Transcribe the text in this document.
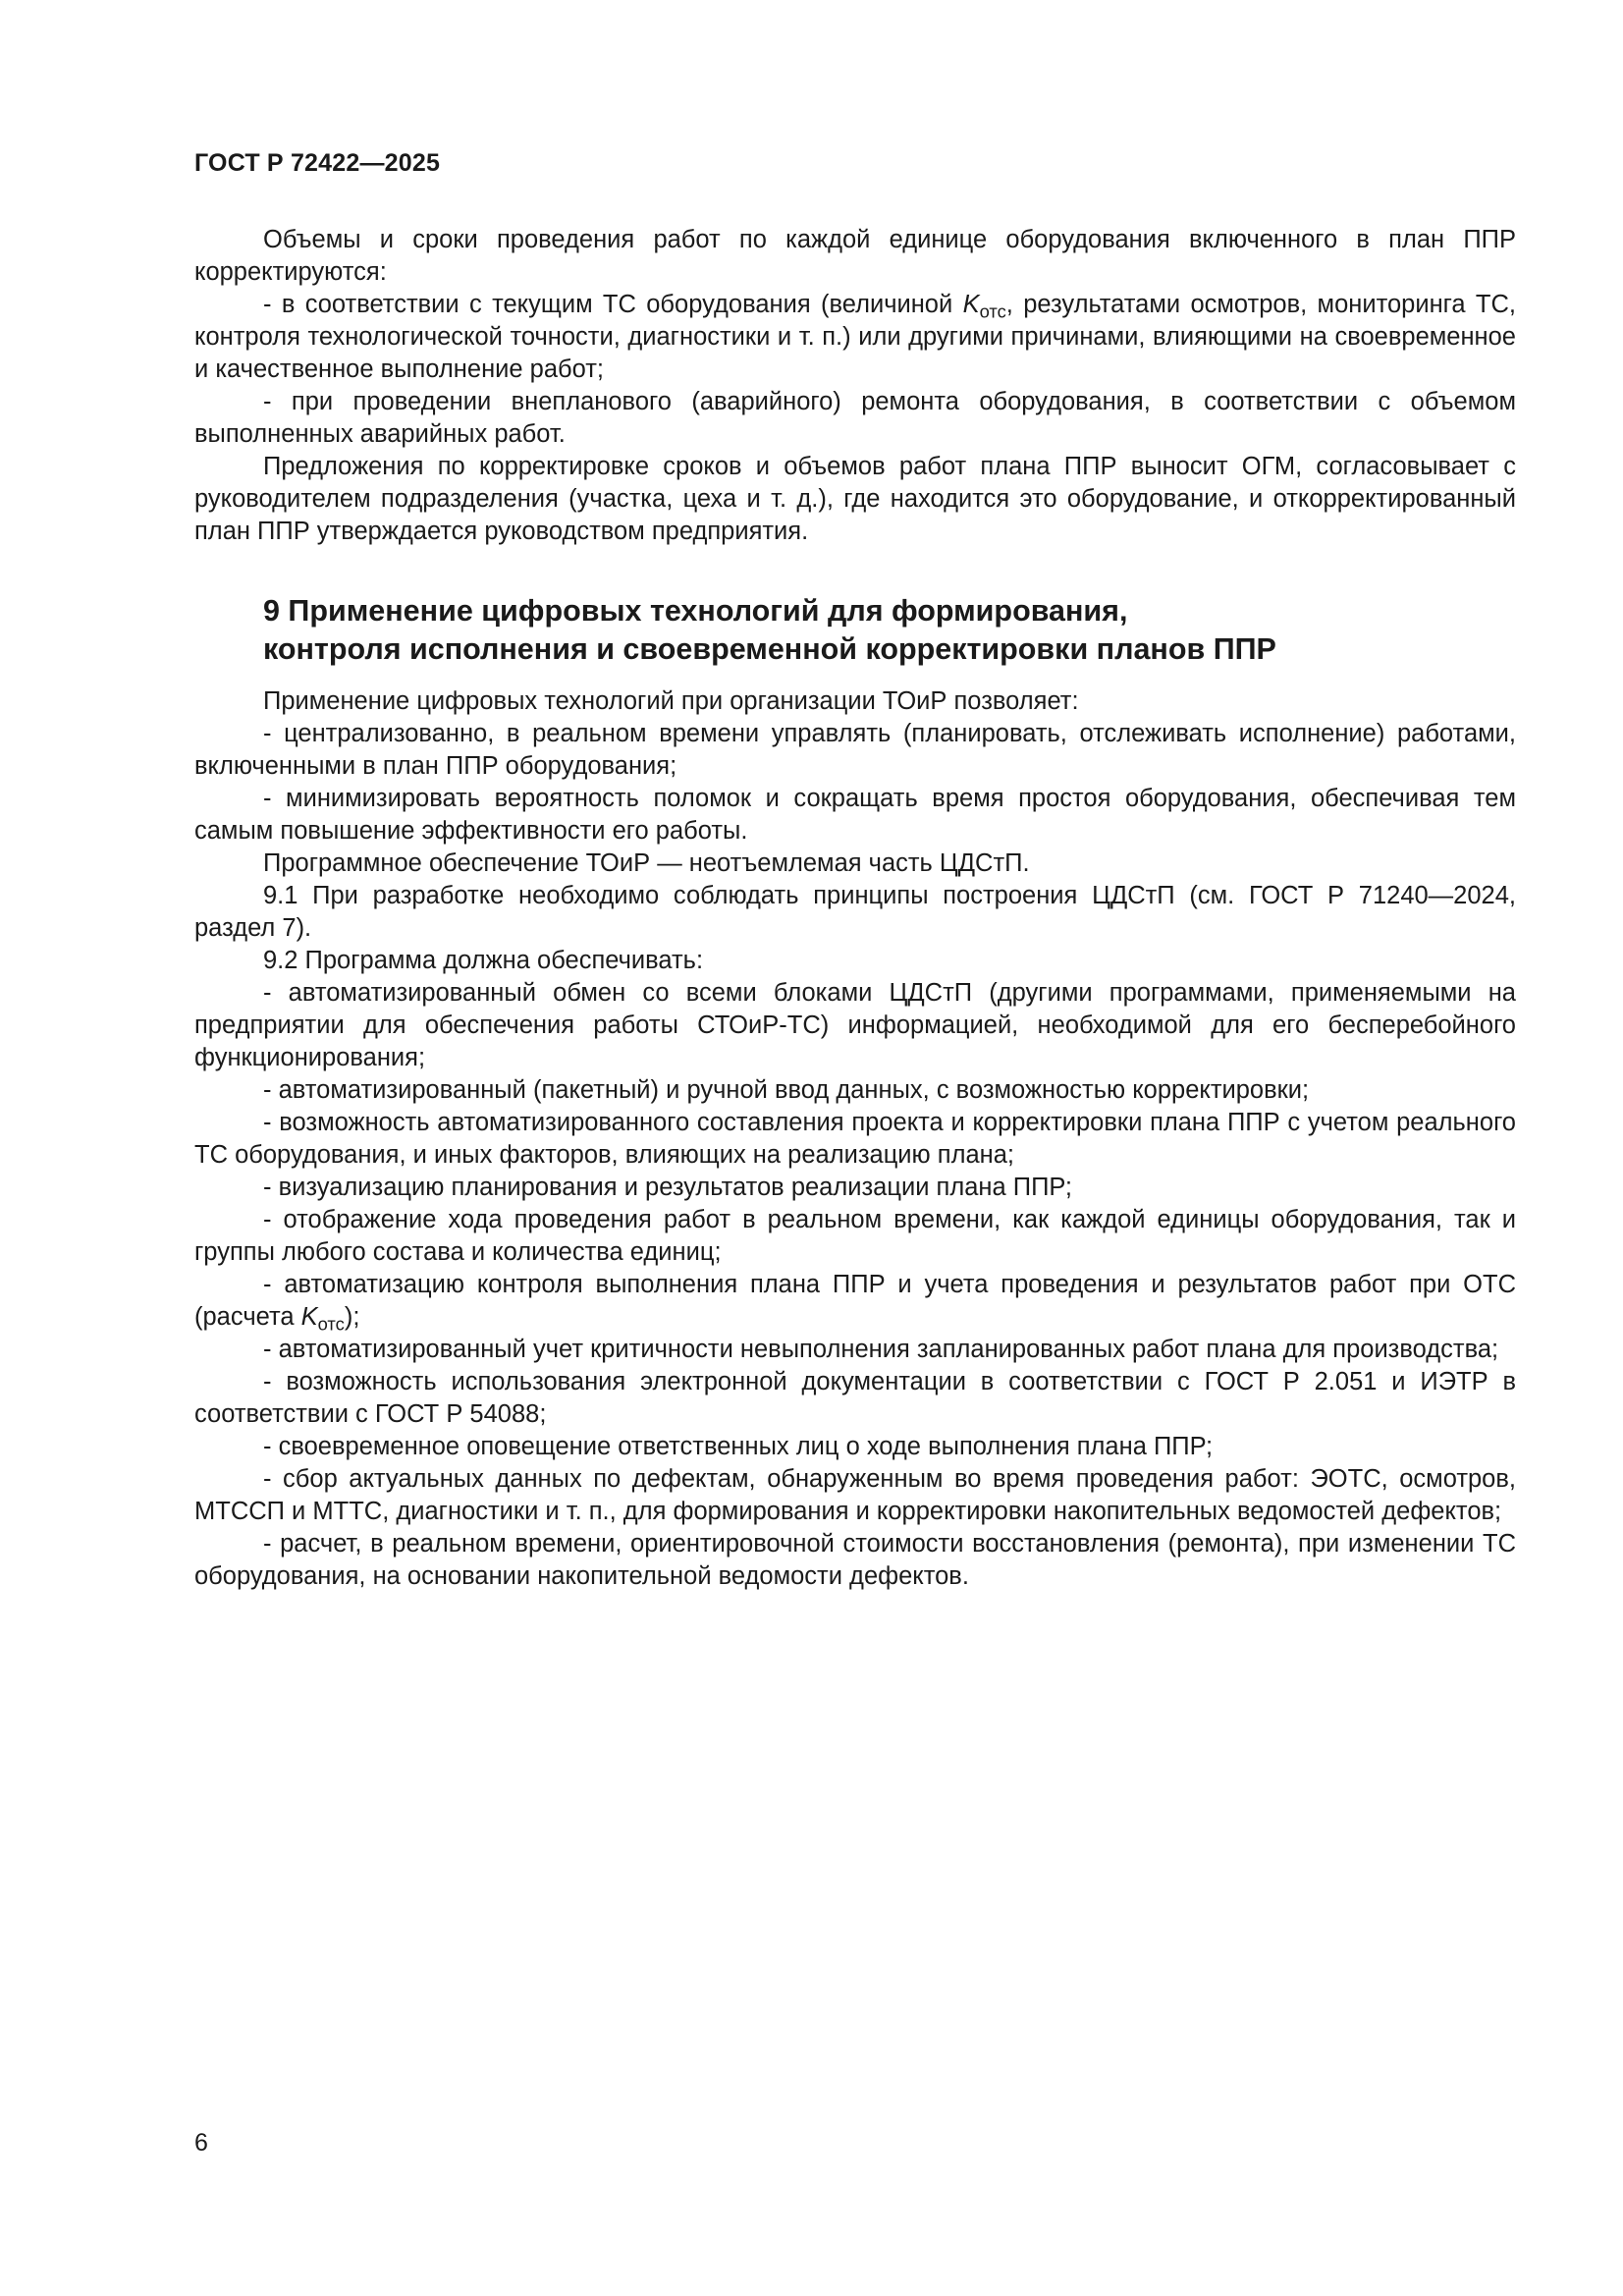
ГОСТ Р 72422—2025

Объемы и сроки проведения работ по каждой единице оборудования включенного в план ППР корректируются:

- в соответствии с текущим ТС оборудования (величиной $K_{отс}$, результатами осмотров, мониторинга ТС, контроля технологической точности, диагностики и т. п.) или другими причинами, влияющими на своевременное и качественное выполнение работ;

- при проведении внепланового (аварийного) ремонта оборудования, в соответствии с объемом выполненных аварийных работ.

Предложения по корректировке сроков и объемов работ плана ППР выносит ОГМ, согласовывает с руководителем подразделения (участка, цеха и т. д.), где находится это оборудование, и откорректированный план ППР утверждается руководством предприятия.

9 Применение цифровых технологий для формирования,
контроля исполнения и своевременной корректировки планов ППР

Применение цифровых технологий при организации ТОиР позволяет:

- централизованно, в реальном времени управлять (планировать, отслеживать исполнение) работами, включенными в план ППР оборудования;

- минимизировать вероятность поломок и сокращать время простоя оборудования, обеспечивая тем самым повышение эффективности его работы.

Программное обеспечение ТОиР — неотъемлемая часть ЦДСтП.

9.1 При разработке необходимо соблюдать принципы построения ЦДСтП (см. ГОСТ Р 71240—2024, раздел 7).

9.2 Программа должна обеспечивать:

- автоматизированный обмен со всеми блоками ЦДСтП (другими программами, применяемыми на предприятии для обеспечения работы СТОиР-ТС) информацией, необходимой для его бесперебойного функционирования;

- автоматизированный (пакетный) и ручной ввод данных, с возможностью корректировки;

- возможность автоматизированного составления проекта и корректировки плана ППР с учетом реального ТС оборудования, и иных факторов, влияющих на реализацию плана;

- визуализацию планирования и результатов реализации плана ППР;

- отображение хода проведения работ в реальном времени, как каждой единицы оборудования, так и группы любого состава и количества единиц;

- автоматизацию контроля выполнения плана ППР и учета проведения и результатов работ при ОТС (расчета $K_{отс}$);

- автоматизированный учет критичности невыполнения запланированных работ плана для производства;

- возможность использования электронной документации в соответствии с ГОСТ Р 2.051 и ИЭТР в соответствии с ГОСТ Р 54088;

- своевременное оповещение ответственных лиц о ходе выполнения плана ППР;

- сбор актуальных данных по дефектам, обнаруженным во время проведения работ: ЭОТС, осмотров, МТССП и МТТС, диагностики и т. п., для формирования и корректировки накопительных ведомостей дефектов;

- расчет, в реальном времени, ориентировочной стоимости восстановления (ремонта), при изменении ТС оборудования, на основании накопительной ведомости дефектов.

6
